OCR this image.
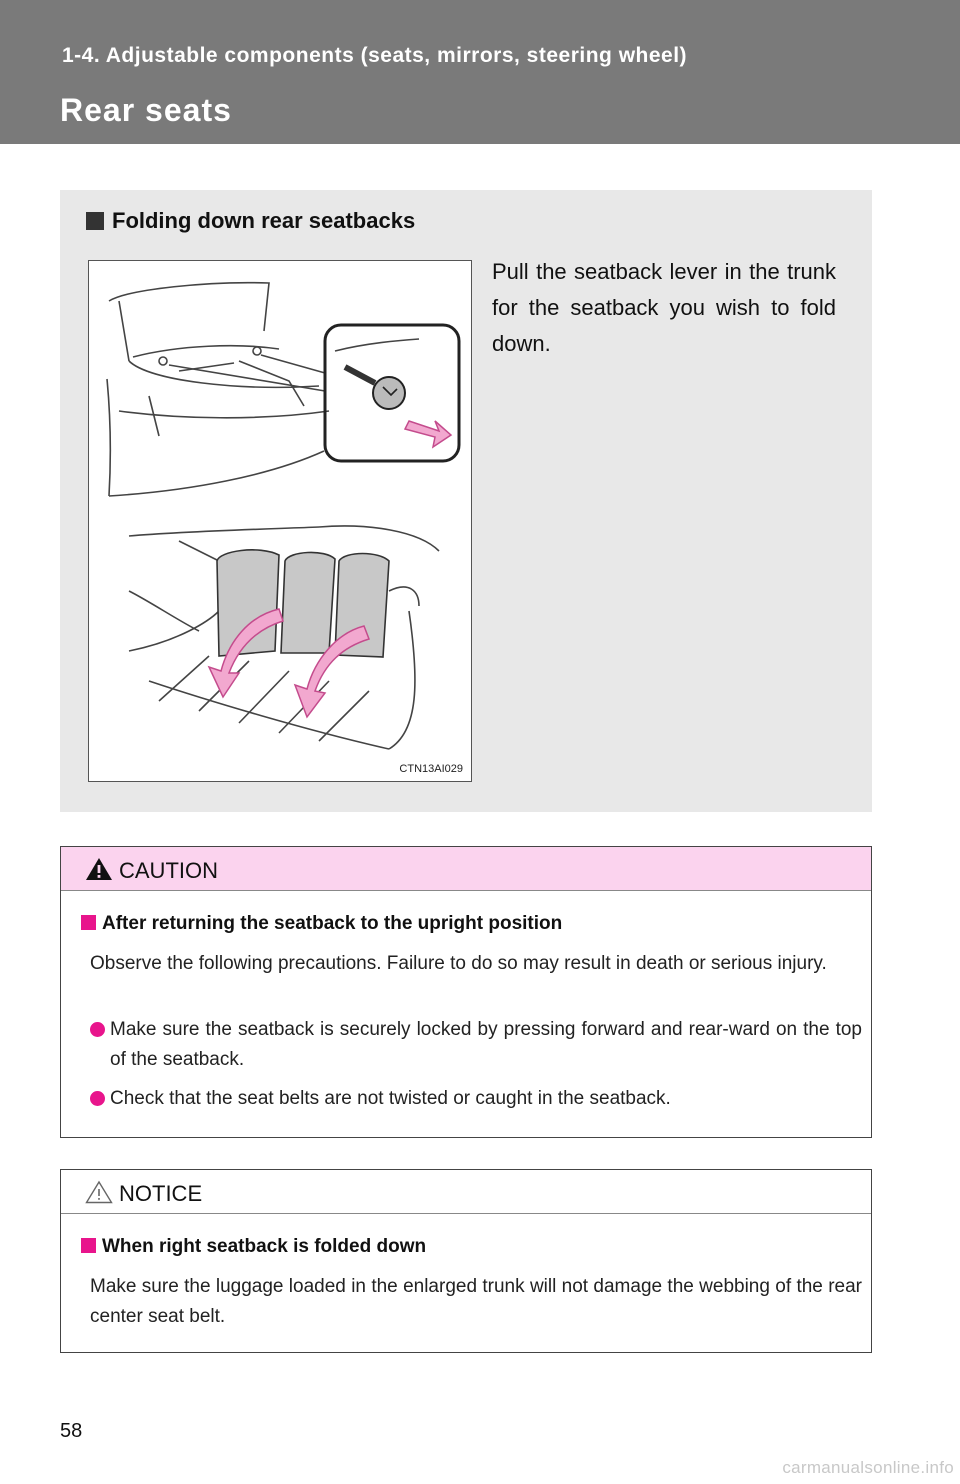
1-4. Adjustable components (seats, mirrors, steering wheel)
Rear seats
Folding down rear seatbacks
CTN13AI029
Pull the seatback lever in the trunk for the seatback you wish to fold down.
CAUTION
After returning the seatback to the upright position
Observe the following precautions. Failure to do so may result in death or serious injury.
Make sure the seatback is securely locked by pressing forward and rear-ward on the top of the seatback.
Check that the seat belts are not twisted or caught in the seatback.
NOTICE
When right seatback is folded down
Make sure the luggage loaded in the enlarged trunk will not damage the webbing of the rear center seat belt.
58
carmanualsonline.info
